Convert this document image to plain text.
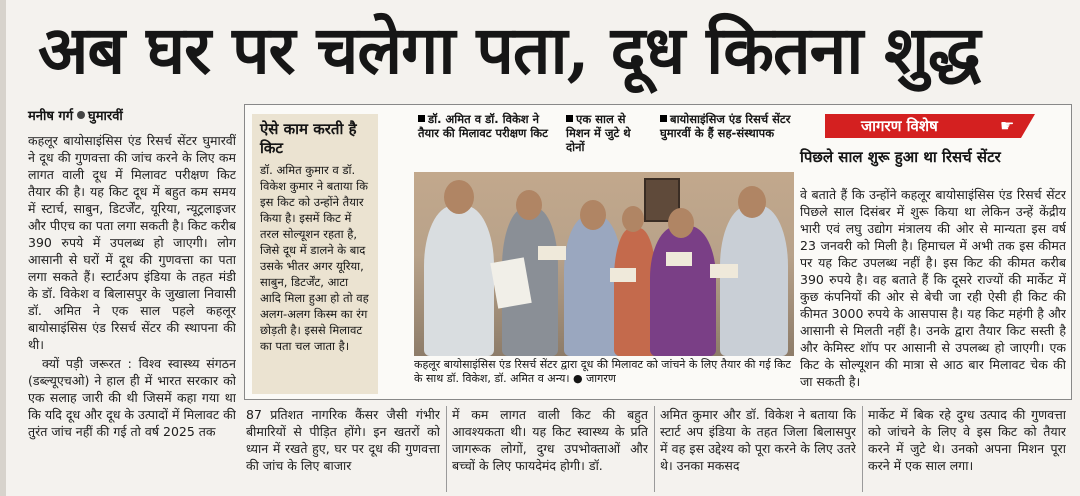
अब घर पर चलेगा पता, दूध कितना शुद्ध
मनीष गर्ग घुमारवीं

कहलूर बायोसाइंसिस एंड रिसर्च सेंटर घुमारवीं ने दूध की गुणवत्ता की जांच करने के लिए कम लागत वाली दूध में मिलावट परीक्षण किट तैयार की है। यह किट दूध में बहुत कम समय में स्टार्च, साबुन, डिटर्जेंट, यूरिया, न्यूट्रलाइजर और पीएच का पता लगा सकती है। किट करीब 390 रुपये में उपलब्ध हो जाएगी। लोग आसानी से घरों में दूध की गुणवत्ता का पता लगा सकते हैं। स्टार्टअप इंडिया के तहत मंडी के डॉ. विकेश व बिलासपुर के जुखाला निवासी डॉ. अमित ने एक साल पहले कहलूर बायोसाइंसिस एंड रिसर्च सेंटर की स्थापना की थी।

क्यों पड़ी जरूरत : विश्व स्वास्थ्य संगठन (डब्ल्यूएचओ) ने हाल ही में भारत सरकार को एक सलाह जारी की थी जिसमें कहा गया था कि यदि दूध और दूध के उत्पादों में मिलावट की तुरंत जांच नहीं की गई तो वर्ष 2025 तक

ऐसे काम करती है किट
डॉ. अमित कुमार व डॉ. विकेश कुमार ने बताया कि इस किट को उन्होंने तैयार किया है। इसमें किट में तरल सोल्यूशन रहता है, जिसे दूध में डालने के बाद उसके भीतर अगर यूरिया, साबुन, डिटर्जेंट, आटा आदि मिला हुआ हो तो वह अलग-अलग किस्म का रंग छोड़ती है। इससे मिलावट का पता चल जाता है।
डॉ. अमित व डॉ. विकेश ने तैयार की मिलावट परीक्षण किट
एक साल से मिशन में जुटे थे दोनों
बायोसाइंसिज एंड रिसर्च सेंटर घुमारवीं के हैं सह-संस्थापक
कहलूर बायोसाइंसिस एंड रिसर्च सेंटर द्वारा दूध की मिलावट को जांचने के लिए तैयार की गई किट के साथ डॉ. विकेश, डॉ. अमित व अन्य। ● जागरण
जागरण विशेष	☛
पिछले साल शुरू हुआ था रिसर्च सेंटर
वे बताते हैं कि उन्होंने कहलूर बायोसाइंसिस एंड रिसर्च सेंटर पिछले साल दिसंबर में शुरू किया था लेकिन उन्हें केंद्रीय भारी एवं लघु उद्योग मंत्रालय की ओर से मान्यता इस वर्ष 23 जनवरी को मिली है। हिमाचल में अभी तक इस कीमत पर यह किट उपलब्ध नहीं है। इस किट की कीमत करीब 390 रुपये है। वह बताते हैं कि दूसरे राज्यों की मार्केट में कुछ कंपनियों की ओर से बेची जा रही ऐसी ही किट की कीमत 3000 रुपये के आसपास है। यह किट महंगी है और आसानी से मिलती नहीं है। उनके द्वारा तैयार किट सस्ती है और केमिस्ट शॉप पर आसानी से उपलब्ध हो जाएगी। एक किट के सोल्यूशन की मात्रा से आठ बार मिलावट चेक की जा सकती है।
87 प्रतिशत नागरिक कैंसर जैसी गंभीर बीमारियों से पीड़ित होंगे। इन खतरों को ध्यान में रखते हुए, घर पर दूध की गुणवत्ता की जांच के लिए बाजार
में कम लागत वाली किट की बहुत आवश्यकता थी। यह किट स्वास्थ्य के प्रति जागरूक लोगों, दुग्ध उपभोक्ताओं और बच्चों के लिए फायदेमंद होगी। डॉ.
अमित कुमार और डॉ. विकेश ने बताया कि स्टार्ट अप इंडिया के तहत जिला बिलासपुर में वह इस उद्देश्य को पूरा करने के लिए उतरे थे। उनका मकसद
मार्केट में बिक रहे दुग्ध उत्पाद की गुणवत्ता को जांचने के लिए वे इस किट को तैयार करने में जुटे थे। उनको अपना मिशन पूरा करने में एक साल लगा।
